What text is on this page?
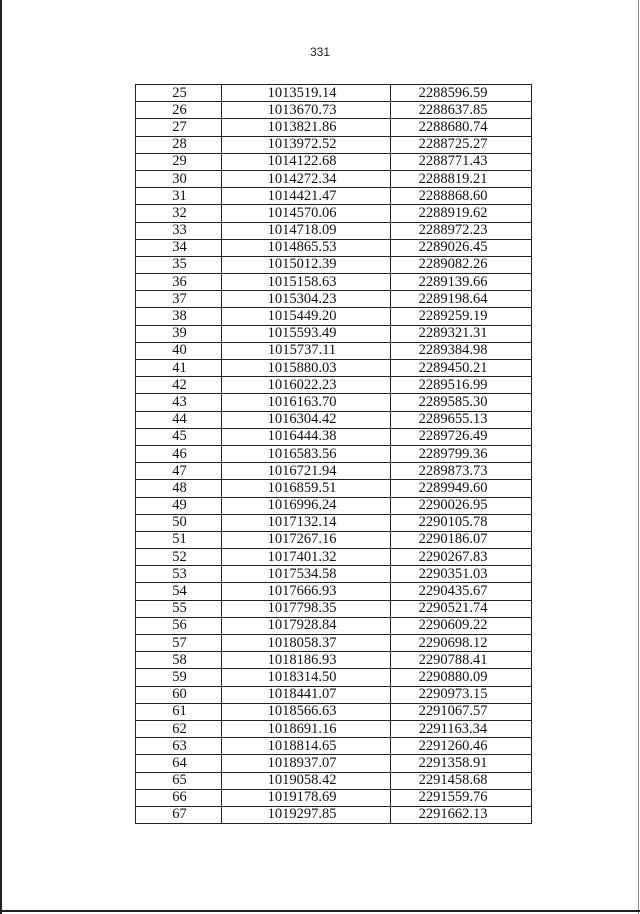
331
25	1013519.14	2288596.59
26	1013670.73	2288637.85
27	1013821.86	2288680.74
28	1013972.52	2288725.27
29	1014122.68	2288771.43
30	1014272.34	2288819.21
31	1014421.47	2288868.60
32	1014570.06	2288919.62
33	1014718.09	2288972.23
34	1014865.53	2289026.45
35	1015012.39	2289082.26
36	1015158.63	2289139.66
37	1015304.23	2289198.64
38	1015449.20	2289259.19
39	1015593.49	2289321.31
40	1015737.11	2289384.98
41	1015880.03	2289450.21
42	1016022.23	2289516.99
43	1016163.70	2289585.30
44	1016304.42	2289655.13
45	1016444.38	2289726.49
46	1016583.56	2289799.36
47	1016721.94	2289873.73
48	1016859.51	2289949.60
49	1016996.24	2290026.95
50	1017132.14	2290105.78
51	1017267.16	2290186.07
52	1017401.32	2290267.83
53	1017534.58	2290351.03
54	1017666.93	2290435.67
55	1017798.35	2290521.74
56	1017928.84	2290609.22
57	1018058.37	2290698.12
58	1018186.93	2290788.41
59	1018314.50	2290880.09
60	1018441.07	2290973.15
61	1018566.63	2291067.57
62	1018691.16	2291163.34
63	1018814.65	2291260.46
64	1018937.07	2291358.91
65	1019058.42	2291458.68
66	1019178.69	2291559.76
67	1019297.85	2291662.13
